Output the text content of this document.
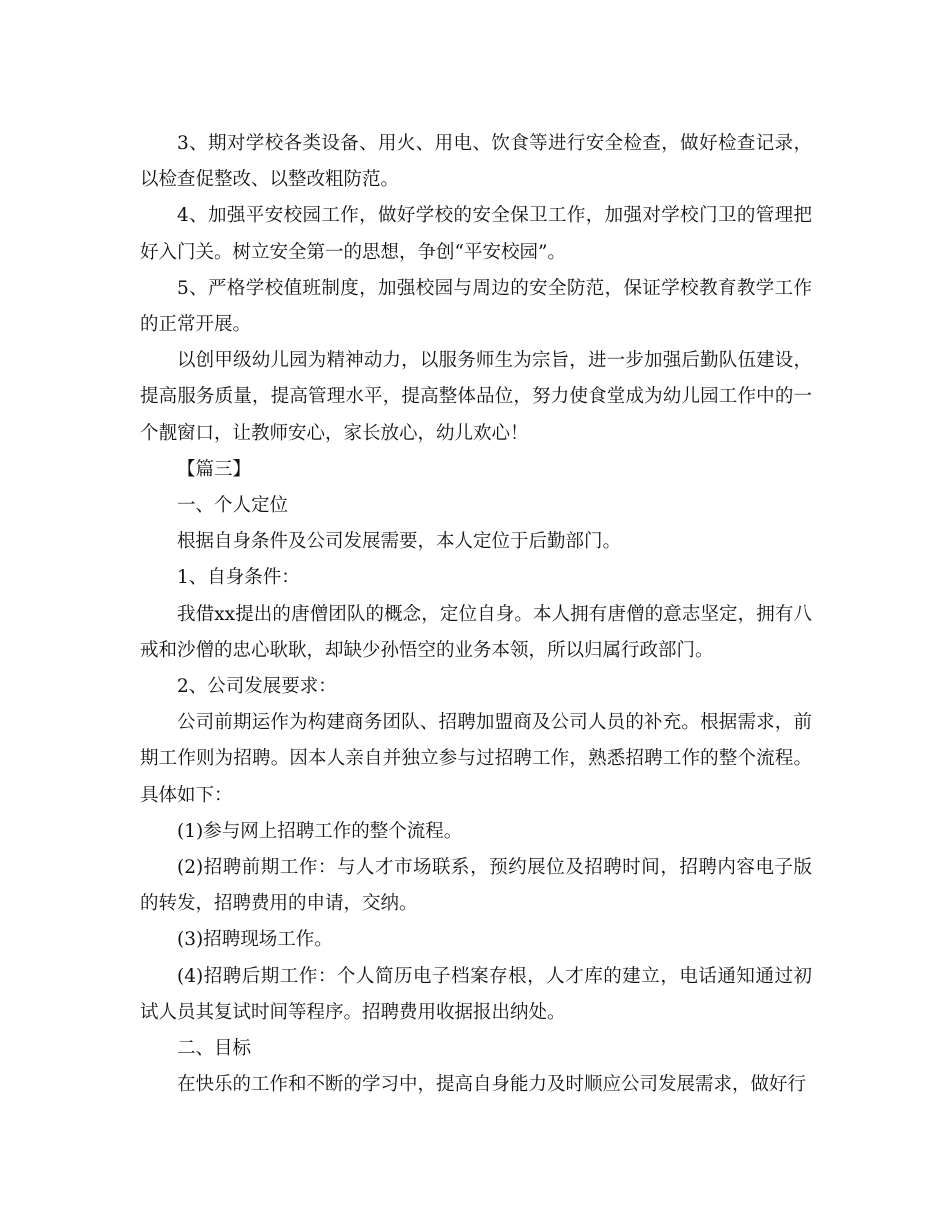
3、期对学校各类设备、用火、用电、饮食等进行安全检查，做好检查记录，以检查促整改、以整改粗防范。

4、加强平安校园工作，做好学校的安全保卫工作，加强对学校门卫的管理把好入门关。树立安全第一的思想，争创“平安校园”。

5、严格学校值班制度，加强校园与周边的安全防范，保证学校教育教学工作的正常开展。

以创甲级幼儿园为精神动力，以服务师生为宗旨，进一步加强后勤队伍建设，提高服务质量，提高管理水平，提高整体品位，努力使食堂成为幼儿园工作中的一个靓窗口，让教师安心，家长放心，幼儿欢心！

【篇三】

一、个人定位

根据自身条件及公司发展需要，本人定位于后勤部门。

1、自身条件：

我借xx提出的唐僧团队的概念，定位自身。本人拥有唐僧的意志坚定，拥有八戒和沙僧的忠心耿耿，却缺少孙悟空的业务本领，所以归属行政部门。

2、公司发展要求：

公司前期运作为构建商务团队、招聘加盟商及公司人员的补充。根据需求，前期工作则为招聘。因本人亲自并独立参与过招聘工作，熟悉招聘工作的整个流程。具体如下：

(1)参与网上招聘工作的整个流程。

(2)招聘前期工作：与人才市场联系，预约展位及招聘时间，招聘内容电子版的转发，招聘费用的申请，交纳。

(3)招聘现场工作。

(4)招聘后期工作：个人简历电子档案存根，人才库的建立，电话通知通过初试人员其复试时间等程序。招聘费用收据报出纳处。

二、目标

在快乐的工作和不断的学习中，提高自身能力及时顺应公司发展需求，做好行
